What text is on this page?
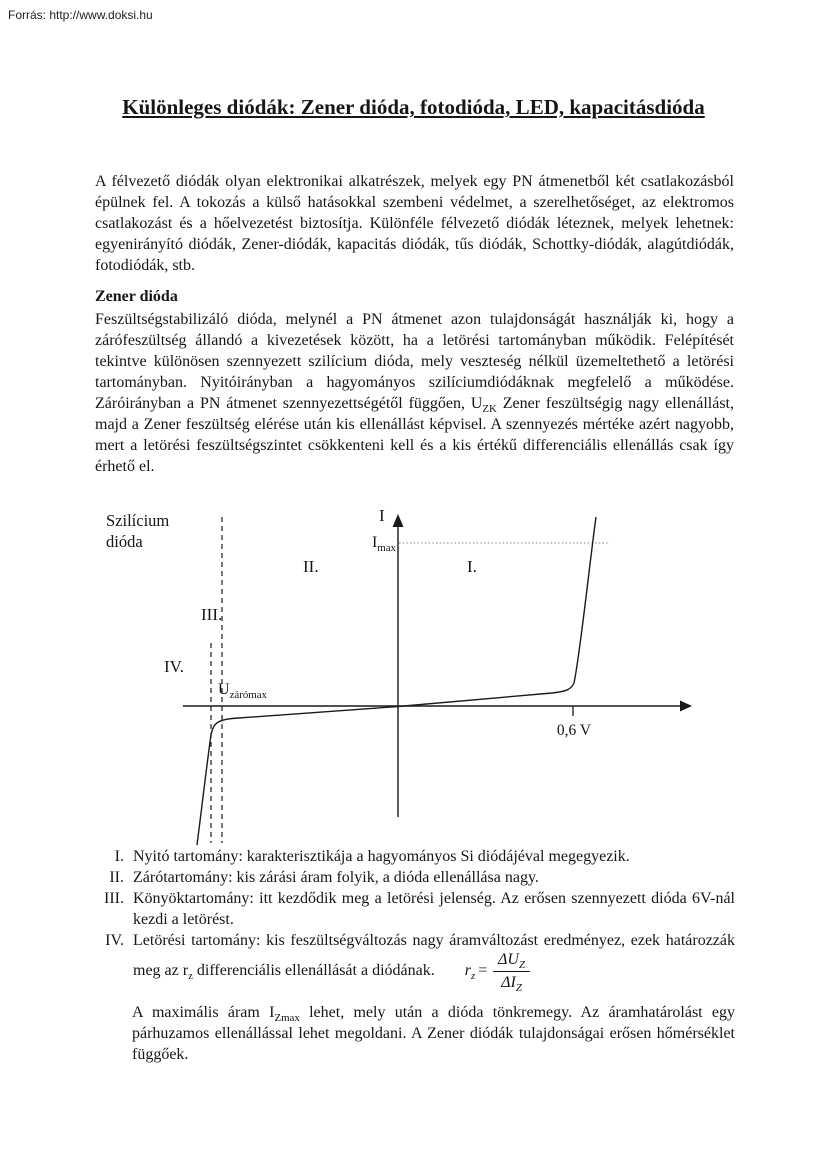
Forrás: http://www.doksi.hu
Különleges diódák: Zener dióda, fotodióda, LED, kapacitásdióda

A félvezető diódák olyan elektronikai alkatrészek, melyek egy PN átmenetből két csatlakozásból épülnek fel. A tokozás a külső hatásokkal szembeni védelmet, a szerelhetőséget, az elektromos csatlakozást és a hőelvezetést biztosítja. Különféle félvezető diódák léteznek, melyek lehetnek: egyenirányító diódák, Zener-diódák, kapacitás diódák, tűs diódák, Schottky-diódák, alagútdiódák, fotodiódák, stb.

Zener dióda

Feszültségstabilizáló dióda, melynél a PN átmenet azon tulajdonságát használják ki, hogy a zárófeszültség állandó a kivezetések között, ha a letörési tartományban működik. Felépítését tekintve különösen szennyezett szilícium dióda, mely veszteség nélkül üzemeltethető a letörési tartományban. Nyitóirányban a hagyományos szilíciumdiódáknak megfelelő a működése. Záróirányban a PN átmenet szennyezettségétől függően, $U_{ZK}$ Zener feszültségig nagy ellenállást, majd a Zener feszültség elérése után kis ellenállást képvisel. A szennyezés mértéke azért nagyobb, mert a letörési feszültségszintet csökkenteni kell és a kis értékű differenciális ellenállás csak így érhető el.

Szilícium dióda
I
$I_{max}$
II.	I.
III.
IV.
$U_{zárómax}$
0,6 V
I. Nyitó tartomány: karakterisztikája a hagyományos Si diódájéval megegyezik.
II. Zárótartomány: kis zárási áram folyik, a dióda ellenállása nagy.
III. Könyöktartomány: itt kezdődik meg a letörési jelenség. Az erősen szennyezett dióda 6V-nál kezdi a letörést.
IV. Letörési tartomány: kis feszültségváltozás nagy áramváltozást eredményez, ezek határozzák meg az $r_z$ differenciális ellenállását a diódának. $r_z = \frac{\Delta U_Z}{\Delta I_Z}$
A maximális áram $I_{Zmax}$ lehet, mely után a dióda tönkremegy. Az áramhatárolást egy párhuzamos ellenállással lehet megoldani. A Zener diódák tulajdonságai erősen hőmérséklet függőek.
